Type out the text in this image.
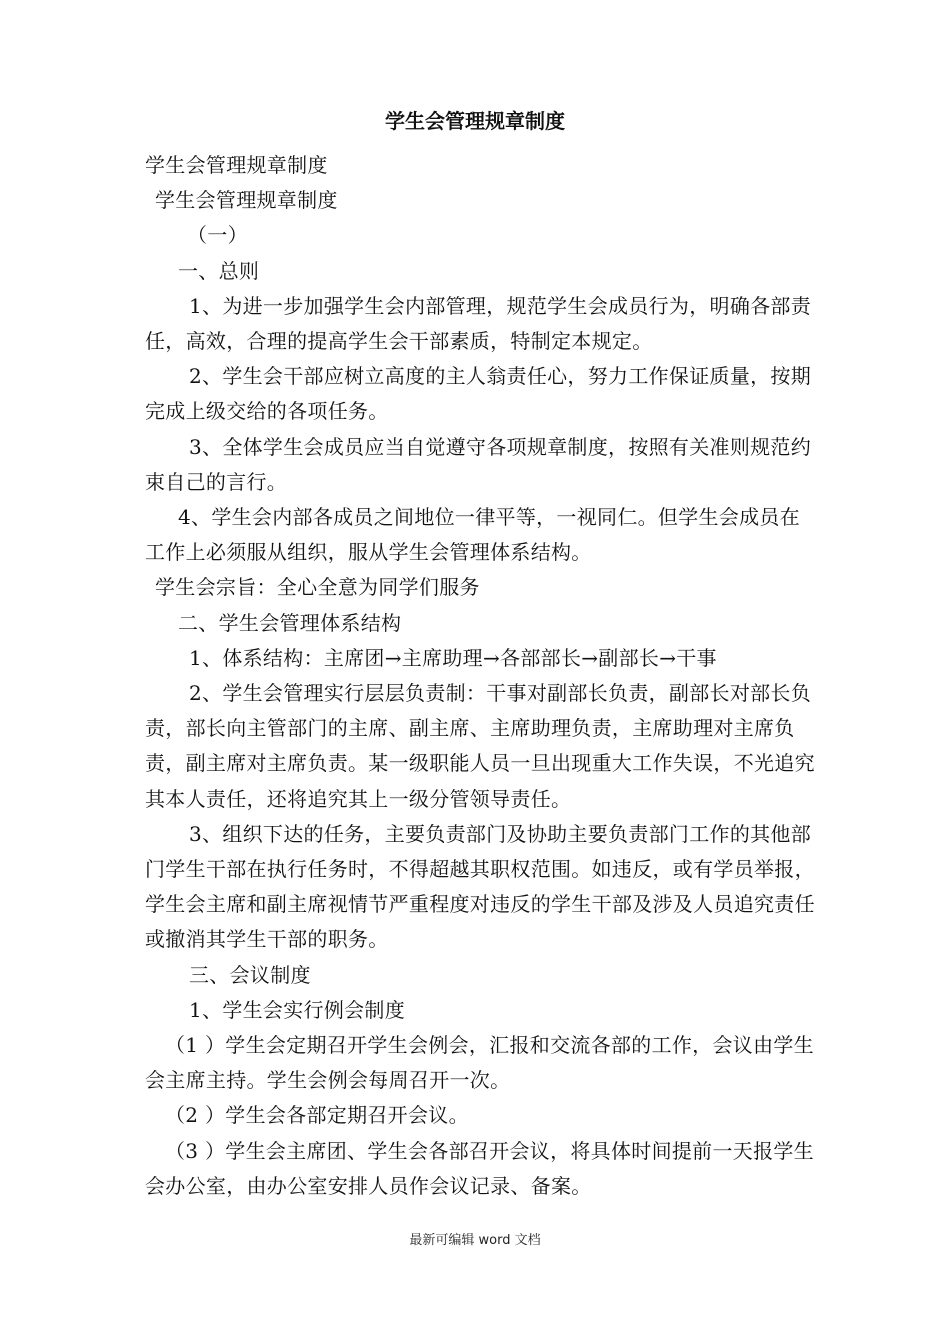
学生会管理规章制度

学生会管理规章制度

学生会管理规章制度

（一）

一、总则

1、为进一步加强学生会内部管理，规范学生会成员行为，明确各部责任，高效，合理的提高学生会干部素质，特制定本规定。

2、学生会干部应树立高度的主人翁责任心，努力工作保证质量，按期完成上级交给的各项任务。

3、全体学生会成员应当自觉遵守各项规章制度，按照有关准则规范约束自己的言行。

4、学生会内部各成员之间地位一律平等，一视同仁。但学生会成员在工作上必须服从组织，服从学生会管理体系结构。

学生会宗旨：全心全意为同学们服务

二、学生会管理体系结构

1、体系结构：主席团→主席助理→各部部长→副部长→干事

2、学生会管理实行层层负责制：干事对副部长负责，副部长对部长负责，部长向主管部门的主席、副主席、主席助理负责，主席助理对主席负责，副主席对主席负责。某一级职能人员一旦出现重大工作失误，不光追究其本人责任，还将追究其上一级分管领导责任。

3、组织下达的任务，主要负责部门及协助主要负责部门工作的其他部门学生干部在执行任务时，不得超越其职权范围。如违反，或有学员举报，学生会主席和副主席视情节严重程度对违反的学生干部及涉及人员追究责任或撤消其学生干部的职务。

三、会议制度

1、学生会实行例会制度

（1 ）学生会定期召开学生会例会，汇报和交流各部的工作，会议由学生会主席主持。学生会例会每周召开一次。

（2 ）学生会各部定期召开会议。

（3 ）学生会主席团、学生会各部召开会议，将具体时间提前一天报学生会办公室，由办公室安排人员作会议记录、备案。

最新可编辑 word 文档
